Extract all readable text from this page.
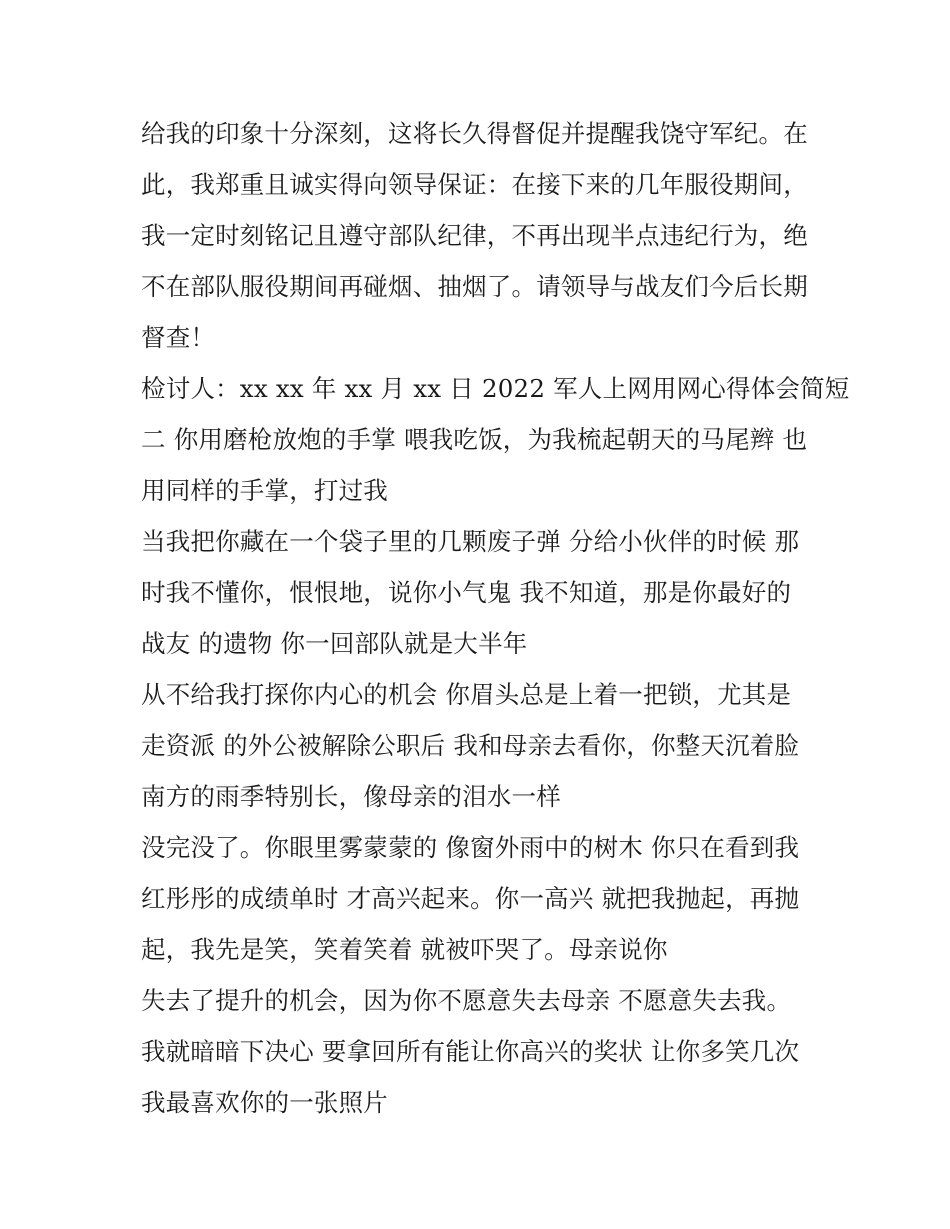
给我的印象十分深刻，这将长久得督促并提醒我饶守军纪。在
此，我郑重且诚实得向领导保证：在接下来的几年服役期间，
我一定时刻铭记且遵守部队纪律，不再出现半点违纪行为，绝
不在部队服役期间再碰烟、抽烟了。请领导与战友们今后长期
督查！
检讨人：xx xx 年 xx 月 xx 日 2022 军人上网用网心得体会简短
二 你用磨枪放炮的手掌 喂我吃饭，为我梳起朝天的马尾辫 也
用同样的手掌，打过我
当我把你藏在一个袋子里的几颗废子弹 分给小伙伴的时候 那
时我不懂你，恨恨地，说你小气鬼 我不知道，那是你最好的
战友 的遗物 你一回部队就是大半年
从不给我打探你内心的机会 你眉头总是上着一把锁，尤其是
走资派 的外公被解除公职后 我和母亲去看你，你整天沉着脸
南方的雨季特别长，像母亲的泪水一样
没完没了。你眼里雾蒙蒙的 像窗外雨中的树木 你只在看到我
红彤彤的成绩单时 才高兴起来。你一高兴 就把我抛起，再抛
起，我先是笑，笑着笑着 就被吓哭了。母亲说你
失去了提升的机会，因为你不愿意失去母亲 不愿意失去我。
我就暗暗下决心 要拿回所有能让你高兴的奖状 让你多笑几次
我最喜欢你的一张照片
